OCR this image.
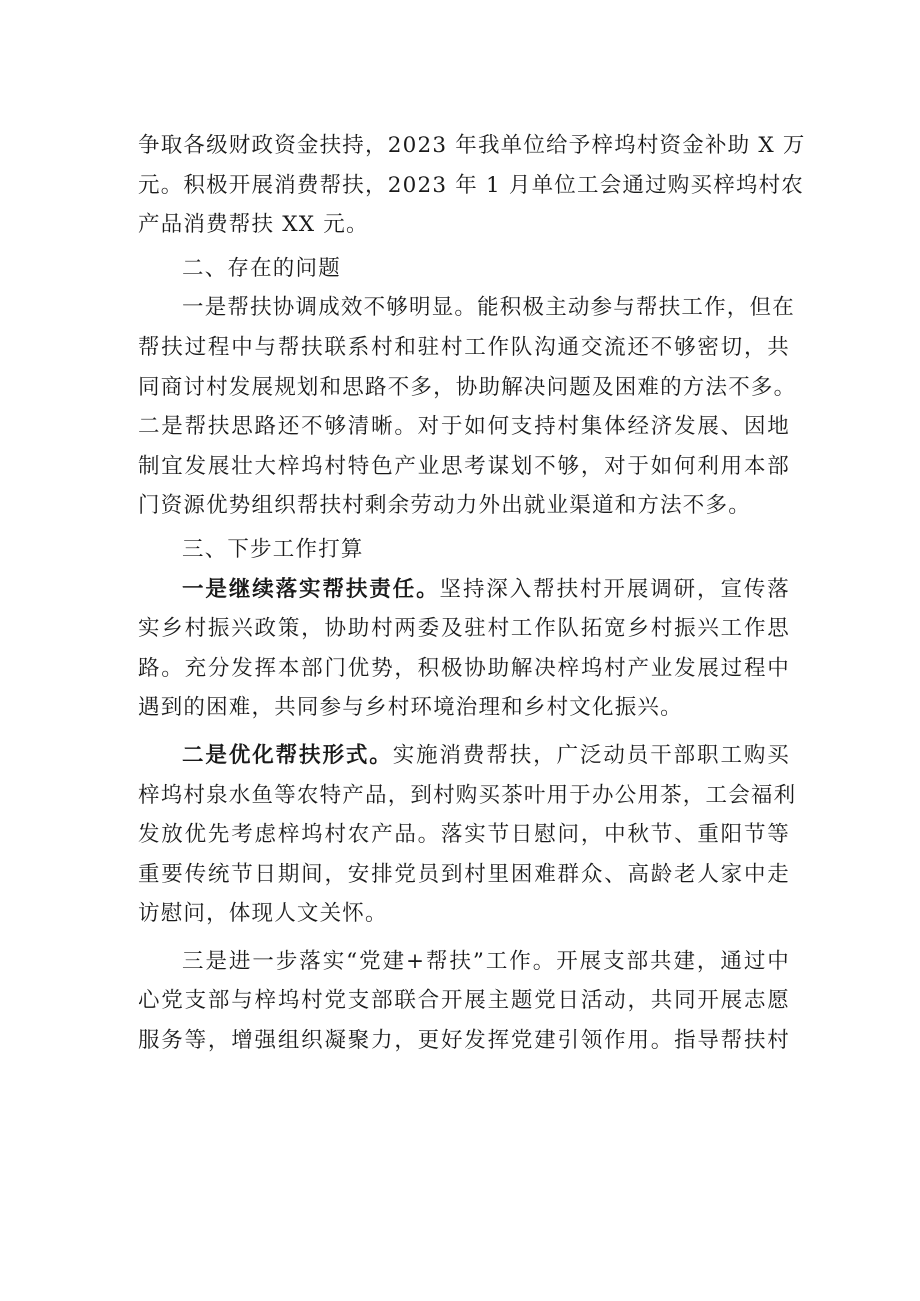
争取各级财政资金扶持，2023 年我单位给予梓坞村资金补助 X 万
元。积极开展消费帮扶，2023 年 1 月单位工会通过购买梓坞村农
产品消费帮扶 XX 元。
二、存在的问题
一是帮扶协调成效不够明显。能积极主动参与帮扶工作，但在
帮扶过程中与帮扶联系村和驻村工作队沟通交流还不够密切，共
同商讨村发展规划和思路不多，协助解决问题及困难的方法不多。
二是帮扶思路还不够清晰。对于如何支持村集体经济发展、因地
制宜发展壮大梓坞村特色产业思考谋划不够，对于如何利用本部
门资源优势组织帮扶村剩余劳动力外出就业渠道和方法不多。
三、下步工作打算
一是继续落实帮扶责任。坚持深入帮扶村开展调研，宣传落
实乡村振兴政策，协助村两委及驻村工作队拓宽乡村振兴工作思
路。充分发挥本部门优势，积极协助解决梓坞村产业发展过程中
遇到的困难，共同参与乡村环境治理和乡村文化振兴。
二是优化帮扶形式。实施消费帮扶，广泛动员干部职工购买
梓坞村泉水鱼等农特产品，到村购买茶叶用于办公用茶，工会福利
发放优先考虑梓坞村农产品。落实节日慰问，中秋节、重阳节等
重要传统节日期间，安排党员到村里困难群众、高龄老人家中走
访慰问，体现人文关怀。
三是进一步落实“党建+帮扶”工作。开展支部共建，通过中
心党支部与梓坞村党支部联合开展主题党日活动，共同开展志愿
服务等，增强组织凝聚力，更好发挥党建引领作用。指导帮扶村
